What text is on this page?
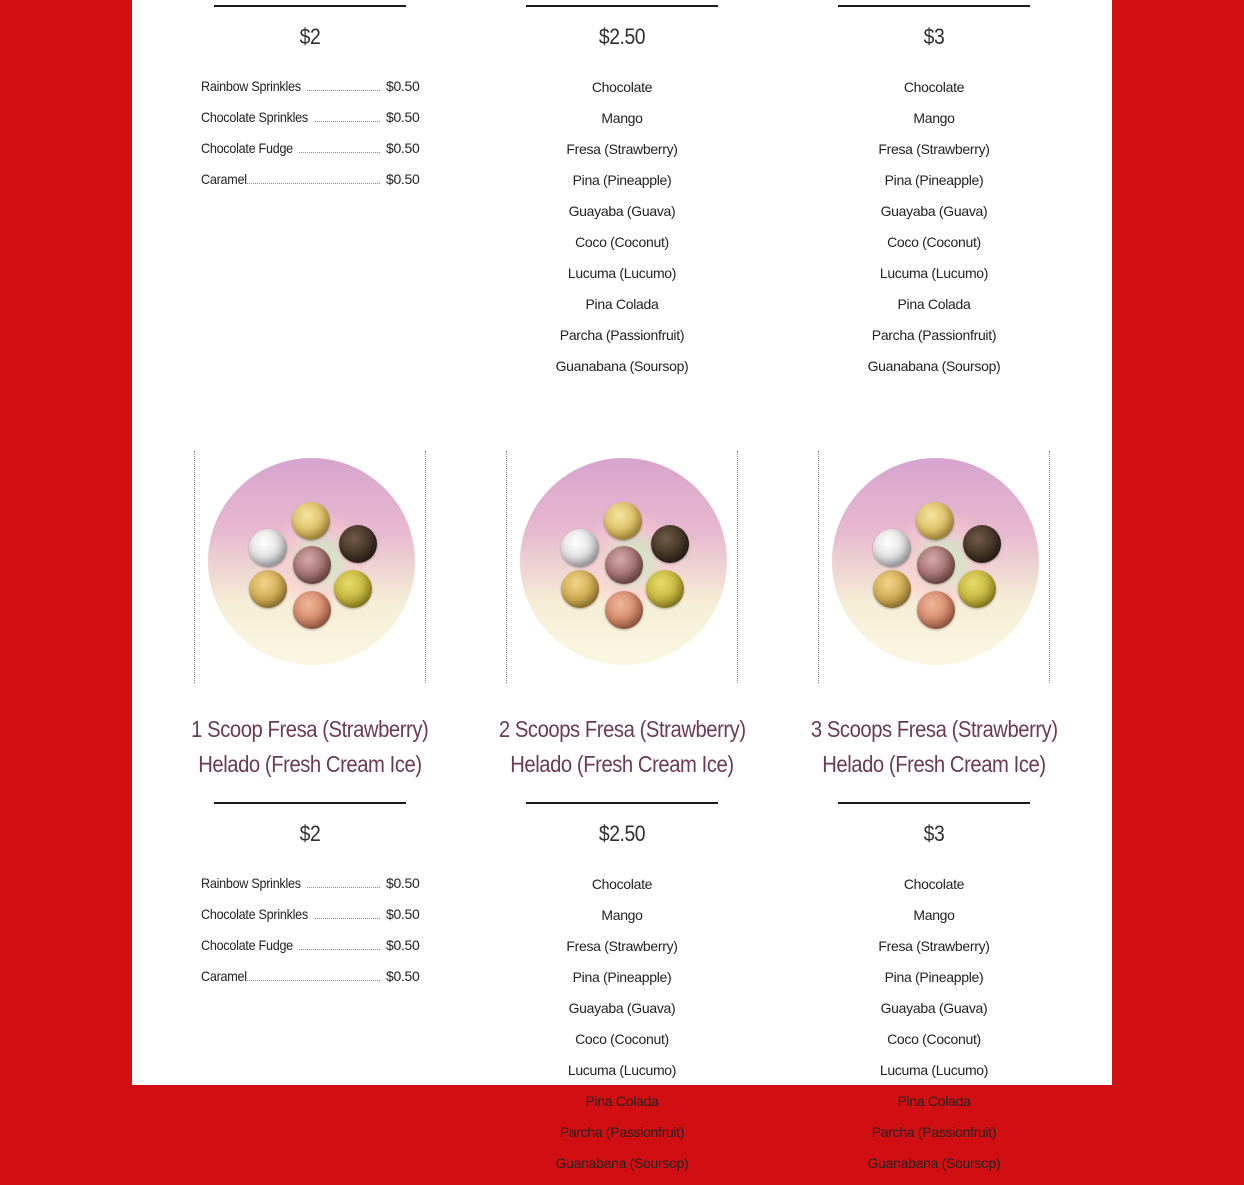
$2
Rainbow Sprinkles	$0.50
Chocolate Sprinkles	$0.50
Chocolate Fudge	$0.50
Caramel	$0.50
$2.50
Chocolate
Mango
Fresa (Strawberry)
Pina (Pineapple)
Guayaba (Guava)
Coco (Coconut)
Lucuma (Lucumo)
Pina Colada
Parcha (Passionfruit)
Guanabana (Soursop)
$3
Chocolate
Mango
Fresa (Strawberry)
Pina (Pineapple)
Guayaba (Guava)
Coco (Coconut)
Lucuma (Lucumo)
Pina Colada
Parcha (Passionfruit)
Guanabana (Soursop)
1 Scoop Fresa (Strawberry)
Helado (Fresh Cream Ice)
2 Scoops Fresa (Strawberry)
Helado (Fresh Cream Ice)
3 Scoops Fresa (Strawberry)
Helado (Fresh Cream Ice)
$2
Rainbow Sprinkles	$0.50
Chocolate Sprinkles	$0.50
Chocolate Fudge	$0.50
Caramel	$0.50
$2.50
Chocolate
Mango
Fresa (Strawberry)
Pina (Pineapple)
Guayaba (Guava)
Coco (Coconut)
Lucuma (Lucumo)
Pina Colada
Parcha (Passionfruit)
Guanabana (Soursop)
$3
Chocolate
Mango
Fresa (Strawberry)
Pina (Pineapple)
Guayaba (Guava)
Coco (Coconut)
Lucuma (Lucumo)
Pina Colada
Parcha (Passionfruit)
Guanabana (Soursop)
